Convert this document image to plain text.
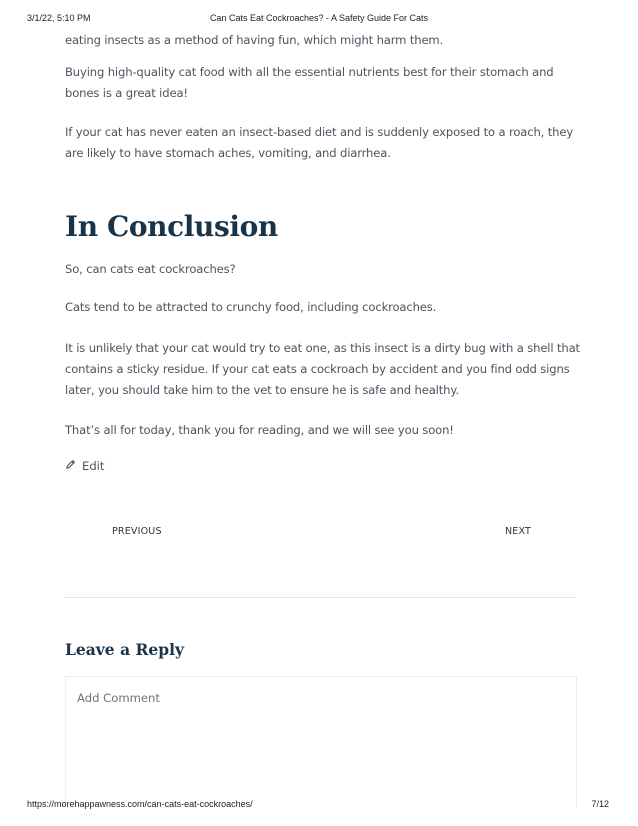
3/1/22, 5:10 PM	Can Cats Eat Cockroaches? - A Safety Guide For Cats

eating insects as a method of having fun, which might harm them.

Buying high-quality cat food with all the essential nutrients best for their stomach and bones is a great idea!

If your cat has never eaten an insect-based diet and is suddenly exposed to a roach, they are likely to have stomach aches, vomiting, and diarrhea.

In Conclusion

So, can cats eat cockroaches?

Cats tend to be attracted to crunchy food, including cockroaches.

It is unlikely that your cat would try to eat one, as this insect is a dirty bug with a shell that contains a sticky residue. If your cat eats a cockroach by accident and you find odd signs later, you should take him to the vet to ensure he is safe and healthy.

That’s all for today, thank you for reading, and we will see you soon!

Edit
Leave a Reply
PREVIOUS	NEXT
Add Comment
https://morehappawness.com/can-cats-eat-cockroaches/	7/12
